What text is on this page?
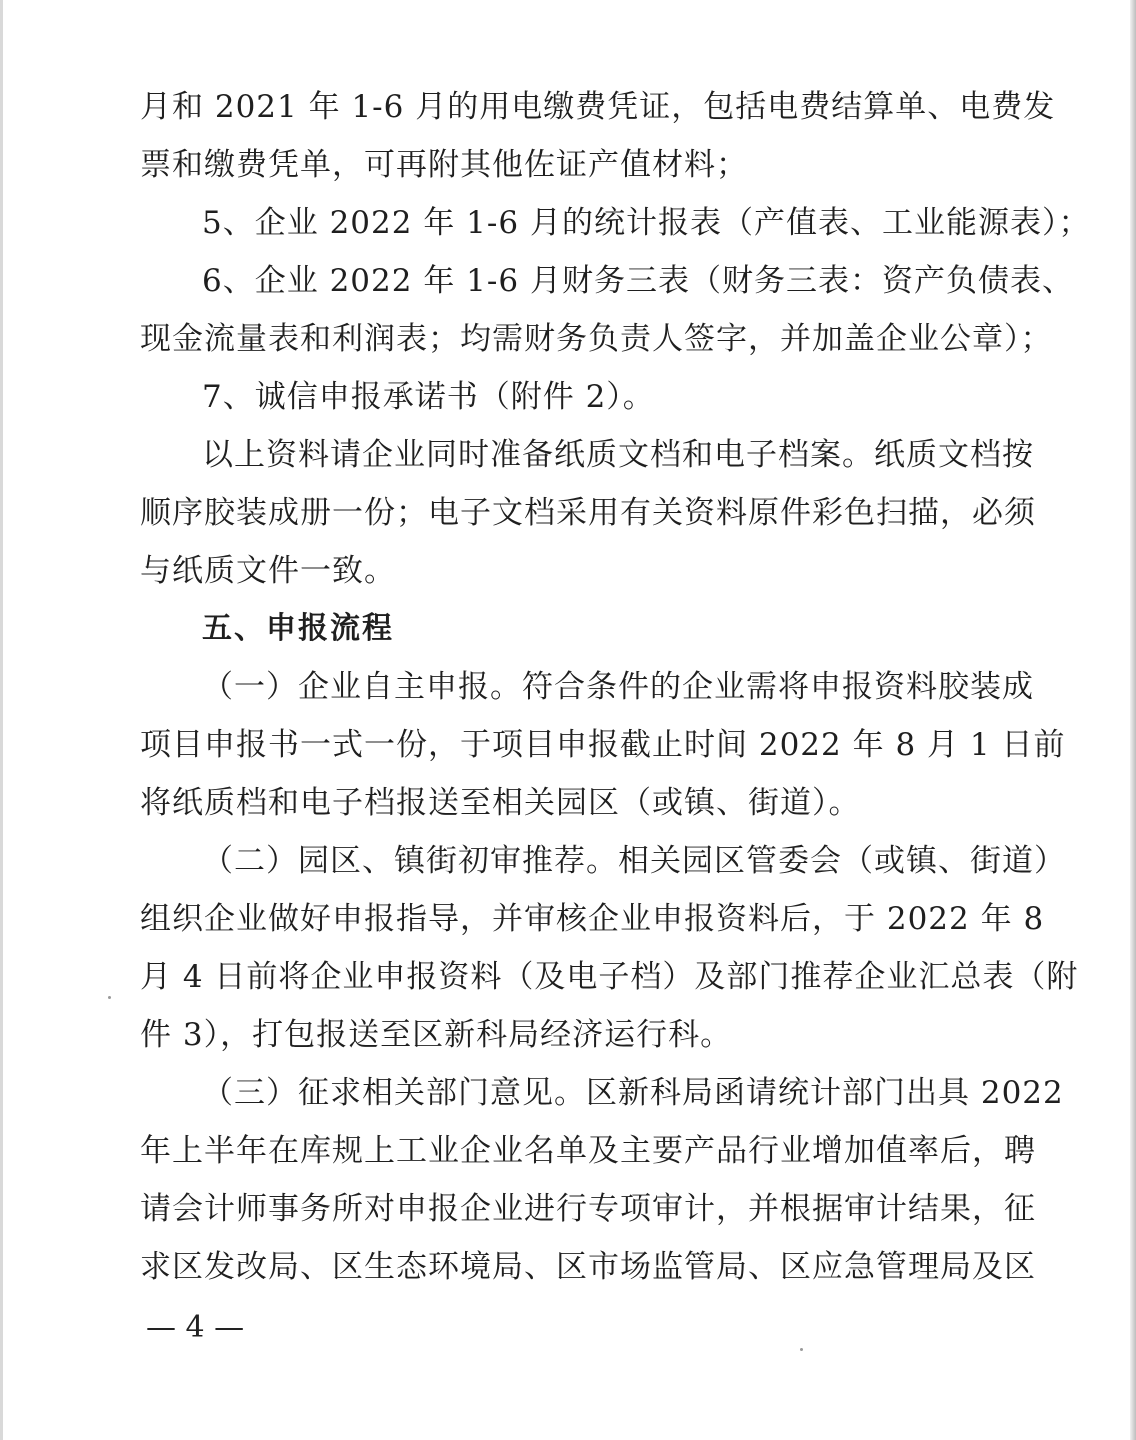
月和 2021 年 1-6 月的用电缴费凭证，包括电费结算单、电费发
票和缴费凭单，可再附其他佐证产值材料；
5、企业 2022 年 1-6 月的统计报表（产值表、工业能源表）；
6、企业 2022 年 1-6 月财务三表（财务三表：资产负债表、
现金流量表和利润表；均需财务负责人签字，并加盖企业公章）；
7、诚信申报承诺书（附件 2）。
以上资料请企业同时准备纸质文档和电子档案。纸质文档按
顺序胶装成册一份；电子文档采用有关资料原件彩色扫描，必须
与纸质文件一致。
五、申报流程
（一）企业自主申报。符合条件的企业需将申报资料胶装成
项目申报书一式一份，于项目申报截止时间 2022 年 8 月 1 日前
将纸质档和电子档报送至相关园区（或镇、街道）。
（二）园区、镇街初审推荐。相关园区管委会（或镇、街道）
组织企业做好申报指导，并审核企业申报资料后，于 2022 年 8
月 4 日前将企业申报资料（及电子档）及部门推荐企业汇总表（附
件 3），打包报送至区新科局经济运行科。
（三）征求相关部门意见。区新科局函请统计部门出具 2022
年上半年在库规上工业企业名单及主要产品行业增加值率后，聘
请会计师事务所对申报企业进行专项审计，并根据审计结果，征
求区发改局、区生态环境局、区市场监管局、区应急管理局及区
— 4 —
